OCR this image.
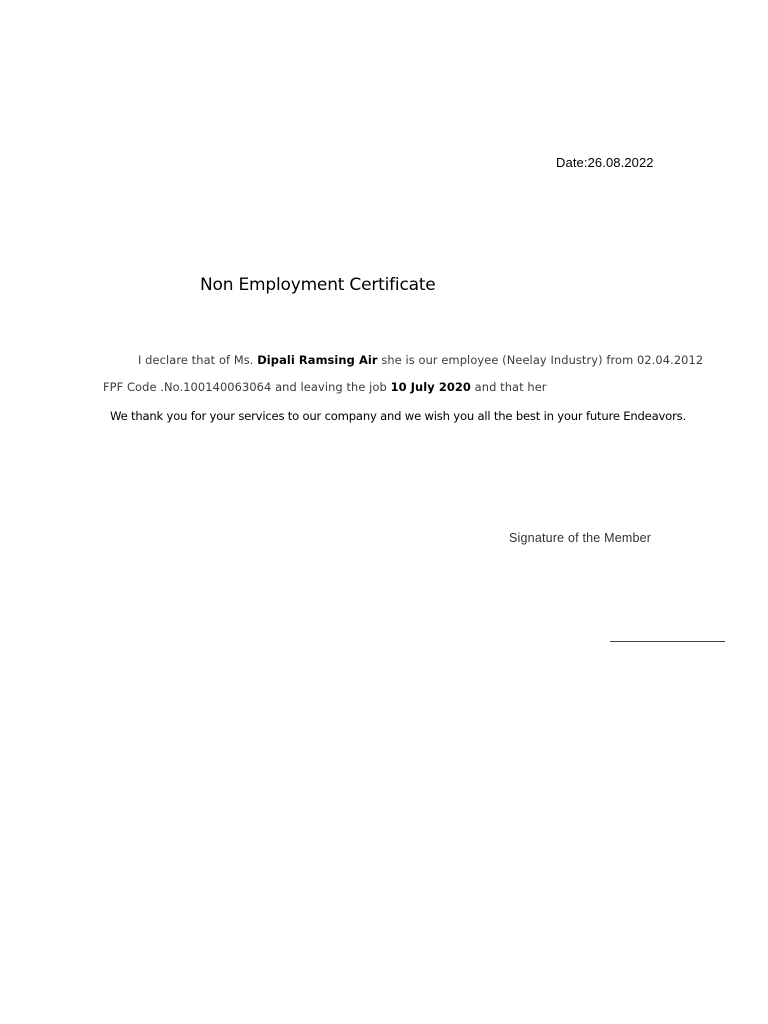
Date:26.08.2022
Non Employment Certificate
I declare that of Ms. Dipali Ramsing Air she is our employee (Neelay Industry) from 02.04.2012
FPF Code .No.100140063064 and leaving the job 10 July 2020 and that her
We thank you for your services to our company and we wish you all the best in your future Endeavors.
Signature of the Member
